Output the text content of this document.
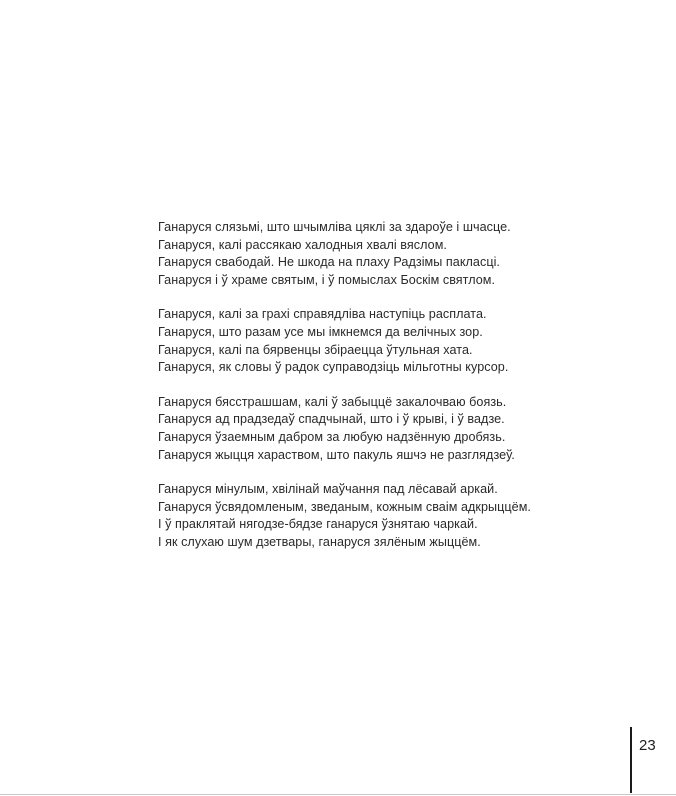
Ганаруся слязьмі, што шчымліва цяклі за здароўе і шчасце.
Ганаруся, калі рассякаю халодныя хвалі вяслом.
Ганаруся свабодай. Не шкода на плаху Радзімы пакласці.
Ганаруся і ў храме святым, і ў помыслах Боскім святлом.
Ганаруся, калі за грахі справядліва наступіць расплата.
Ганаруся, што разам усе мы імкнемся да велічных зор.
Ганаруся, калі па бярвенцы збіраецца ўтульная хата.
Ганаруся, як словы ў радок суправодзіць мільготны курсор.
Ганаруся бясстрашшам, калі ў забыццё закалочваю боязь.
Ганаруся ад прадзедаў спадчынай, што і ў крыві, і ў вадзе.
Ганаруся ўзаемным дабром за любую надзённую дробязь.
Ганаруся жыцця хараством, што пакуль яшчэ не разглядзеў.
Ганаруся мінулым, хвілінай маўчання пад лёсавай аркай.
Ганаруся ўсвядомленым, зведаным, кожным сваім адкрыццём.
І ў праклятай нягодзе-бядзе ганаруся ўзнятаю чаркай.
І як слухаю шум дзетвары, ганаруся зялёным жыццём.
23
